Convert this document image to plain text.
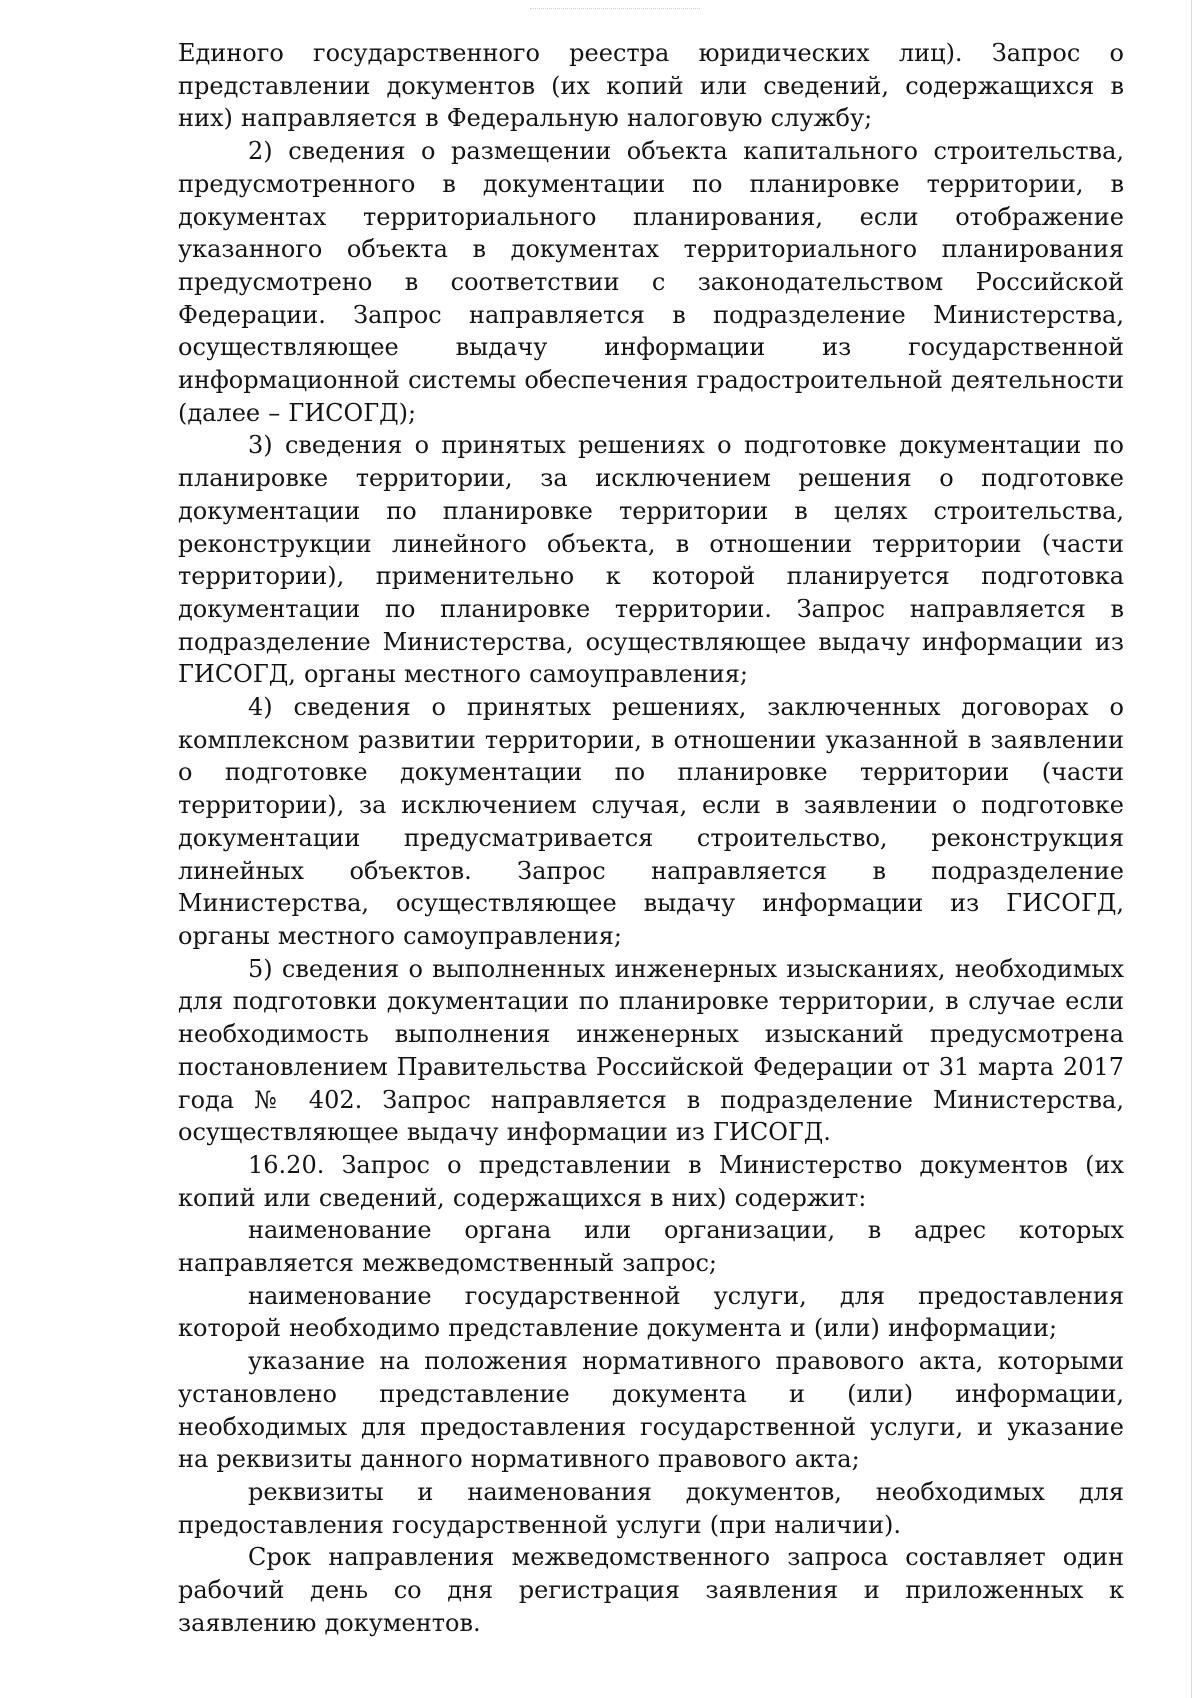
Единого государственного реестра юридических лиц). Запрос о представлении документов (их копий или сведений, содержащихся в них) направляется в Федеральную налоговую службу;

2) сведения о размещении объекта капитального строительства, предусмотренного в документации по планировке территории, в документах территориального планирования, если отображение указанного объекта в документах территориального планирования предусмотрено в соответствии с законодательством Российской Федерации. Запрос направляется в подразделение Министерства, осуществляющее выдачу информации из государственной информационной системы обеспечения градостроительной деятельности (далее – ГИСОГД);

3) сведения о принятых решениях о подготовке документации по планировке территории, за исключением решения о подготовке документации по планировке территории в целях строительства, реконструкции линейного объекта, в отношении территории (части территории), применительно к которой планируется подготовка документации по планировке территории. Запрос направляется в подразделение Министерства, осуществляющее выдачу информации из ГИСОГД, органы местного самоуправления;

4) сведения о принятых решениях, заключенных договорах о комплексном развитии территории, в отношении указанной в заявлении о подготовке документации по планировке территории (части территории), за исключением случая, если в заявлении о подготовке документации предусматривается строительство, реконструкция линейных объектов. Запрос направляется в подразделение Министерства, осуществляющее выдачу информации из ГИСОГД, органы местного самоуправления;

5) сведения о выполненных инженерных изысканиях, необходимых для подготовки документации по планировке территории, в случае если необходимость выполнения инженерных изысканий предусмотрена постановлением Правительства Российской Федерации от 31 марта 2017 года № 402. Запрос направляется в подразделение Министерства, осуществляющее выдачу информации из ГИСОГД.

16.20. Запрос о представлении в Министерство документов (их копий или сведений, содержащихся в них) содержит:

наименование органа или организации, в адрес которых направляется межведомственный запрос;

наименование государственной услуги, для предоставления которой необходимо представление документа и (или) информации;

указание на положения нормативного правового акта, которыми установлено представление документа и (или) информации, необходимых для предоставления государственной услуги, и указание на реквизиты данного нормативного правового акта;

реквизиты и наименования документов, необходимых для предоставления государственной услуги (при наличии).

Срок направления межведомственного запроса составляет один рабочий день со дня регистрация заявления и приложенных к заявлению документов.
